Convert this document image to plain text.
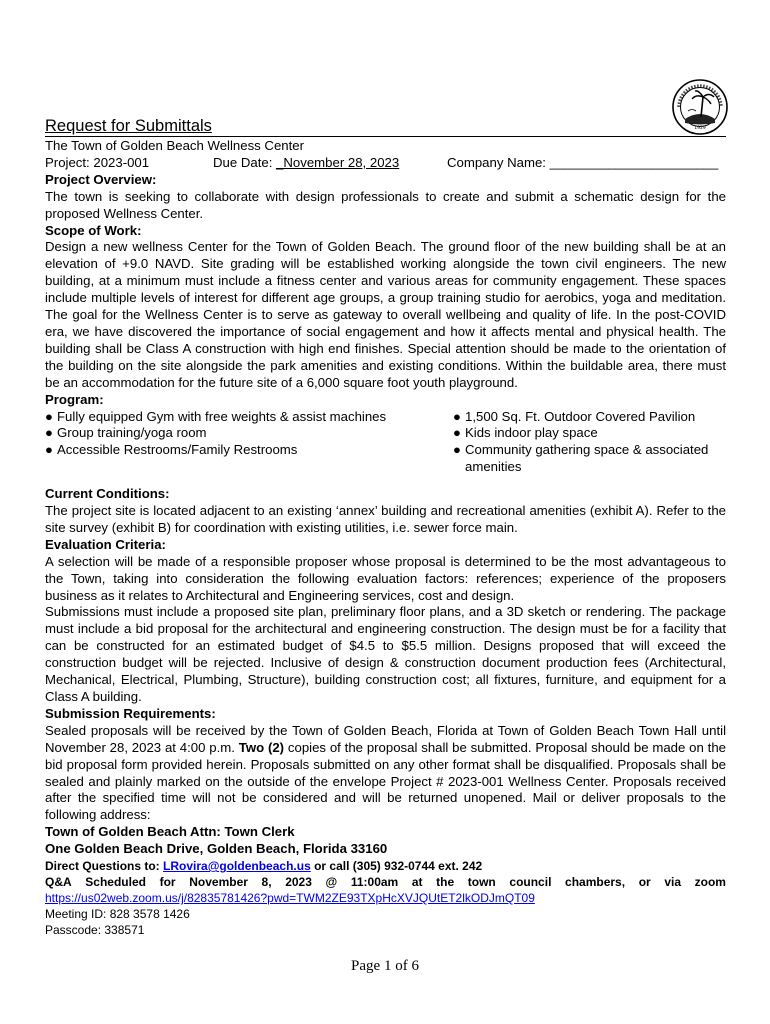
1929
Request for Submittals

The Town of Golden Beach Wellness Center

Project: 2023-001	Due Date: _November 28, 2023	Company Name: _______________________

Project Overview:

The town is seeking to collaborate with design professionals to create and submit a schematic design for the proposed Wellness Center.

Scope of Work:

Design a new wellness Center for the Town of Golden Beach. The ground floor of the new building shall be at an elevation of +9.0 NAVD. Site grading will be established working alongside the town civil engineers. The new building, at a minimum must include a fitness center and various areas for community engagement. These spaces include multiple levels of interest for different age groups, a group training studio for aerobics, yoga and meditation. The goal for the Wellness Center is to serve as gateway to overall wellbeing and quality of life. In the post-COVID era, we have discovered the importance of social engagement and how it affects mental and physical health. The building shall be Class A construction with high end finishes. Special attention should be made to the orientation of the building on the site alongside the park amenities and existing conditions. Within the buildable area, there must be an accommodation for the future site of a 6,000 square foot youth playground.

Program:

● Fully equipped Gym with free weights & assist machines
● Group training/yoga room
● Accessible Restrooms/Family Restrooms
● 1,500 Sq. Ft. Outdoor Covered Pavilion
● Kids indoor play space
● Community gathering space & associated amenities

Current Conditions:

The project site is located adjacent to an existing ‘annex’ building and recreational amenities (exhibit A). Refer to the site survey (exhibit B) for coordination with existing utilities, i.e. sewer force main.

Evaluation Criteria:

A selection will be made of a responsible proposer whose proposal is determined to be the most advantageous to the Town, taking into consideration the following evaluation factors: references; experience of the proposers business as it relates to Architectural and Engineering services, cost and design.

Submissions must include a proposed site plan, preliminary floor plans, and a 3D sketch or rendering. The package must include a bid proposal for the architectural and engineering construction. The design must be for a facility that can be constructed for an estimated budget of $4.5 to $5.5 million. Designs proposed that will exceed the construction budget will be rejected. Inclusive of design & construction document production fees (Architectural, Mechanical, Electrical, Plumbing, Structure), building construction cost; all fixtures, furniture, and equipment for a Class A building.

Submission Requirements:

Sealed proposals will be received by the Town of Golden Beach, Florida at Town of Golden Beach Town Hall until November 28, 2023 at 4:00 p.m. Two (2) copies of the proposal shall be submitted. Proposal should be made on the bid proposal form provided herein. Proposals submitted on any other format shall be disqualified. Proposals shall be sealed and plainly marked on the outside of the envelope Project # 2023-001 Wellness Center. Proposals received after the specified time will not be considered and will be returned unopened. Mail or deliver proposals to the following address:

Town of Golden Beach Attn: Town Clerk

One Golden Beach Drive, Golden Beach, Florida 33160

Direct Questions to: LRovira@goldenbeach.us or call (305) 932-0744 ext. 242

Q&A Scheduled for November 8, 2023 @ 11:00am at the town council chambers, or via zoom

https://us02web.zoom.us/j/82835781426?pwd=TWM2ZE93TXpHcXVJQUtET2lkODJmQT09

Meeting ID: 828 3578 1426

Passcode: 338571

Page 1 of 6
